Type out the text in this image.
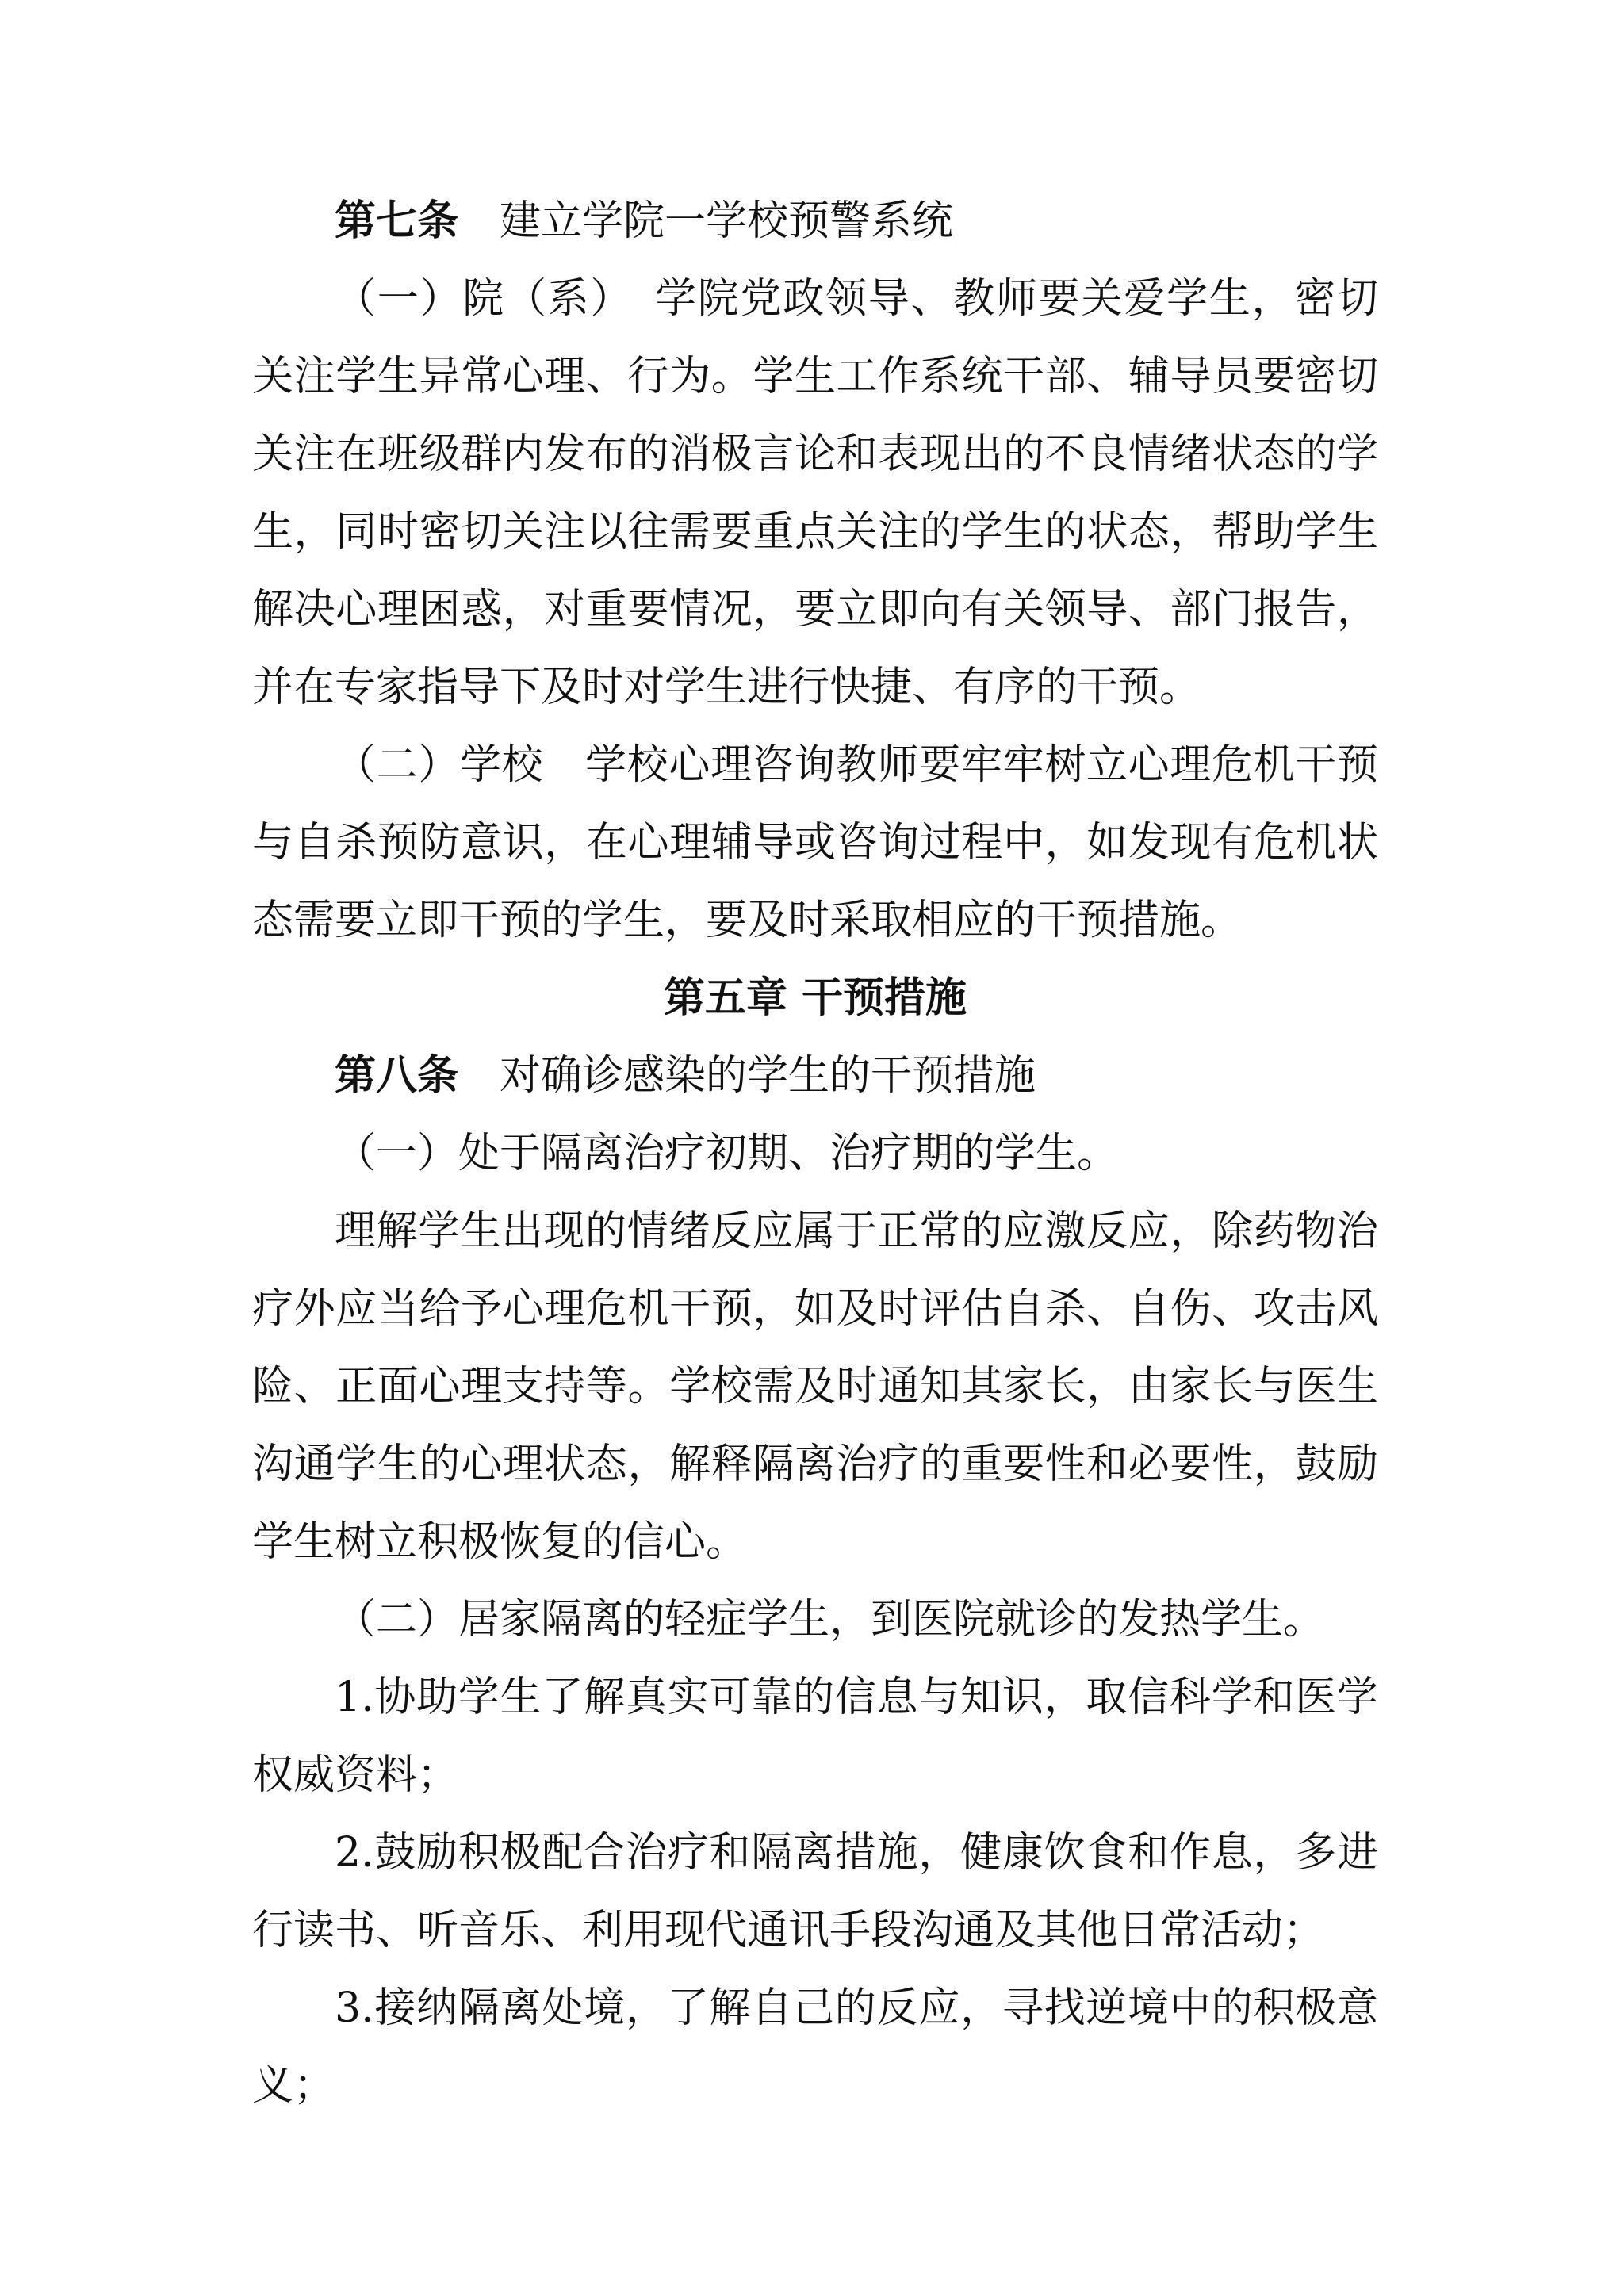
第七条 建立学院一学校预警系统

（一）院（系） 学院党政领导、教师要关爱学生，密切关注学生异常心理、行为。学生工作系统干部、辅导员要密切关注在班级群内发布的消极言论和表现出的不良情绪状态的学生，同时密切关注以往需要重点关注的学生的状态，帮助学生解决心理困惑，对重要情况，要立即向有关领导、部门报告，并在专家指导下及时对学生进行快捷、有序的干预。

（二）学校 学校心理咨询教师要牢牢树立心理危机干预与自杀预防意识，在心理辅导或咨询过程中，如发现有危机状态需要立即干预的学生，要及时采取相应的干预措施。

第五章 干预措施

第八条 对确诊感染的学生的干预措施

（一）处于隔离治疗初期、治疗期的学生。

理解学生出现的情绪反应属于正常的应激反应，除药物治疗外应当给予心理危机干预，如及时评估自杀、自伤、攻击风险、正面心理支持等。学校需及时通知其家长，由家长与医生沟通学生的心理状态，解释隔离治疗的重要性和必要性，鼓励学生树立积极恢复的信心。

（二）居家隔离的轻症学生，到医院就诊的发热学生。

1.协助学生了解真实可靠的信息与知识，取信科学和医学权威资料；

2.鼓励积极配合治疗和隔离措施，健康饮食和作息，多进行读书、听音乐、利用现代通讯手段沟通及其他日常活动；

3.接纳隔离处境，了解自己的反应，寻找逆境中的积极意义；
